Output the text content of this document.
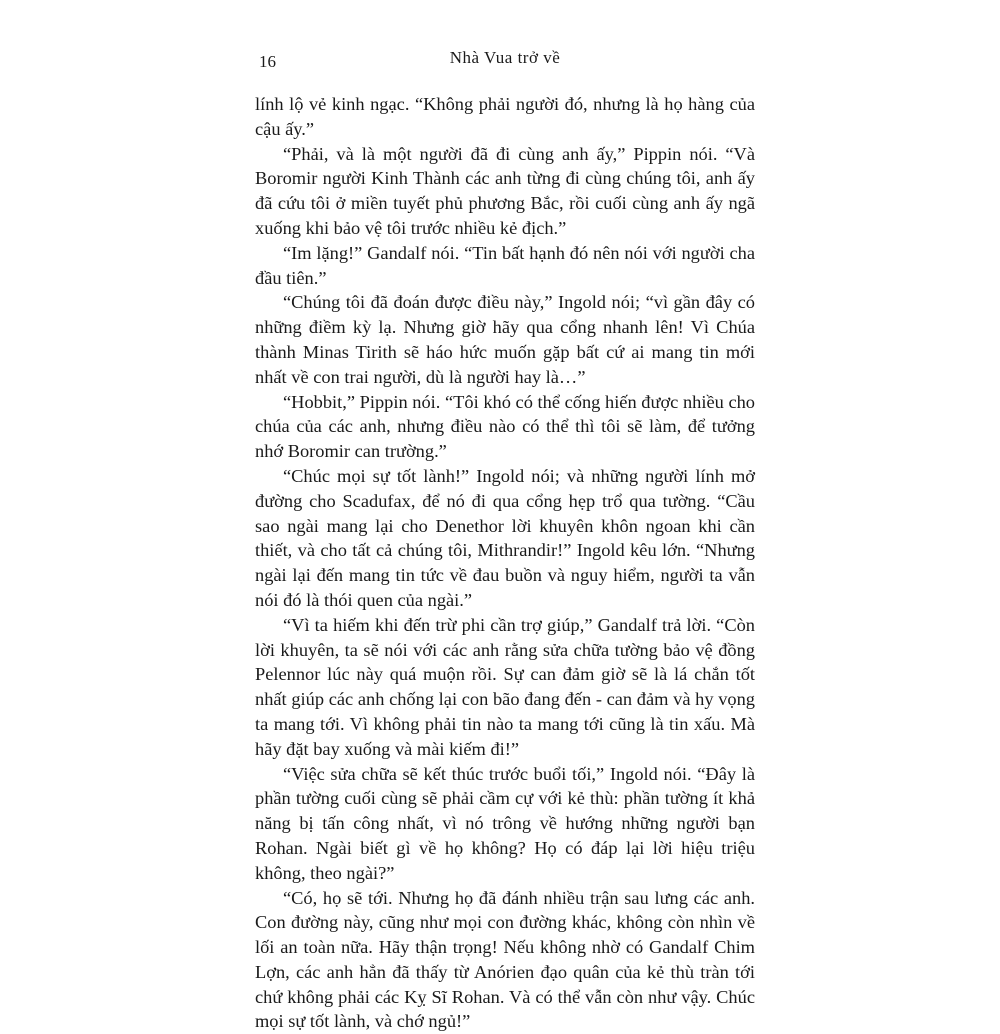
16	Nhà Vua trở về

lính lộ vẻ kinh ngạc. “Không phải người đó, nhưng là họ hàng của cậu ấy.”

“Phải, và là một người đã đi cùng anh ấy,” Pippin nói. “Và Boromir người Kinh Thành các anh từng đi cùng chúng tôi, anh ấy đã cứu tôi ở miền tuyết phủ phương Bắc, rồi cuối cùng anh ấy ngã xuống khi bảo vệ tôi trước nhiều kẻ địch.”

“Im lặng!” Gandalf nói. “Tin bất hạnh đó nên nói với người cha đầu tiên.”

“Chúng tôi đã đoán được điều này,” Ingold nói; “vì gần đây có những điềm kỳ lạ. Nhưng giờ hãy qua cổng nhanh lên! Vì Chúa thành Minas Tirith sẽ háo hức muốn gặp bất cứ ai mang tin mới nhất về con trai người, dù là người hay là…”

“Hobbit,” Pippin nói. “Tôi khó có thể cống hiến được nhiều cho chúa của các anh, nhưng điều nào có thể thì tôi sẽ làm, để tưởng nhớ Boromir can trường.”

“Chúc mọi sự tốt lành!” Ingold nói; và những người lính mở đường cho Scadufax, để nó đi qua cổng hẹp trổ qua tường. “Cầu sao ngài mang lại cho Denethor lời khuyên khôn ngoan khi cần thiết, và cho tất cả chúng tôi, Mithrandir!” Ingold kêu lớn. “Nhưng ngài lại đến mang tin tức về đau buồn và nguy hiểm, người ta vẫn nói đó là thói quen của ngài.”

“Vì ta hiếm khi đến trừ phi cần trợ giúp,” Gandalf trả lời. “Còn lời khuyên, ta sẽ nói với các anh rằng sửa chữa tường bảo vệ đồng Pelennor lúc này quá muộn rồi. Sự can đảm giờ sẽ là lá chắn tốt nhất giúp các anh chống lại con bão đang đến - can đảm và hy vọng ta mang tới. Vì không phải tin nào ta mang tới cũng là tin xấu. Mà hãy đặt bay xuống và mài kiếm đi!”

“Việc sửa chữa sẽ kết thúc trước buổi tối,” Ingold nói. “Đây là phần tường cuối cùng sẽ phải cầm cự với kẻ thù: phần tường ít khả năng bị tấn công nhất, vì nó trông về hướng những người bạn Rohan. Ngài biết gì về họ không? Họ có đáp lại lời hiệu triệu không, theo ngài?”

“Có, họ sẽ tới. Nhưng họ đã đánh nhiều trận sau lưng các anh. Con đường này, cũng như mọi con đường khác, không còn nhìn về lối an toàn nữa. Hãy thận trọng! Nếu không nhờ có Gandalf Chim Lợn, các anh hẳn đã thấy từ Anórien đạo quân của kẻ thù tràn tới chứ không phải các Kỵ Sĩ Rohan. Và có thể vẫn còn như vậy. Chúc mọi sự tốt lành, và chớ ngủ!”
